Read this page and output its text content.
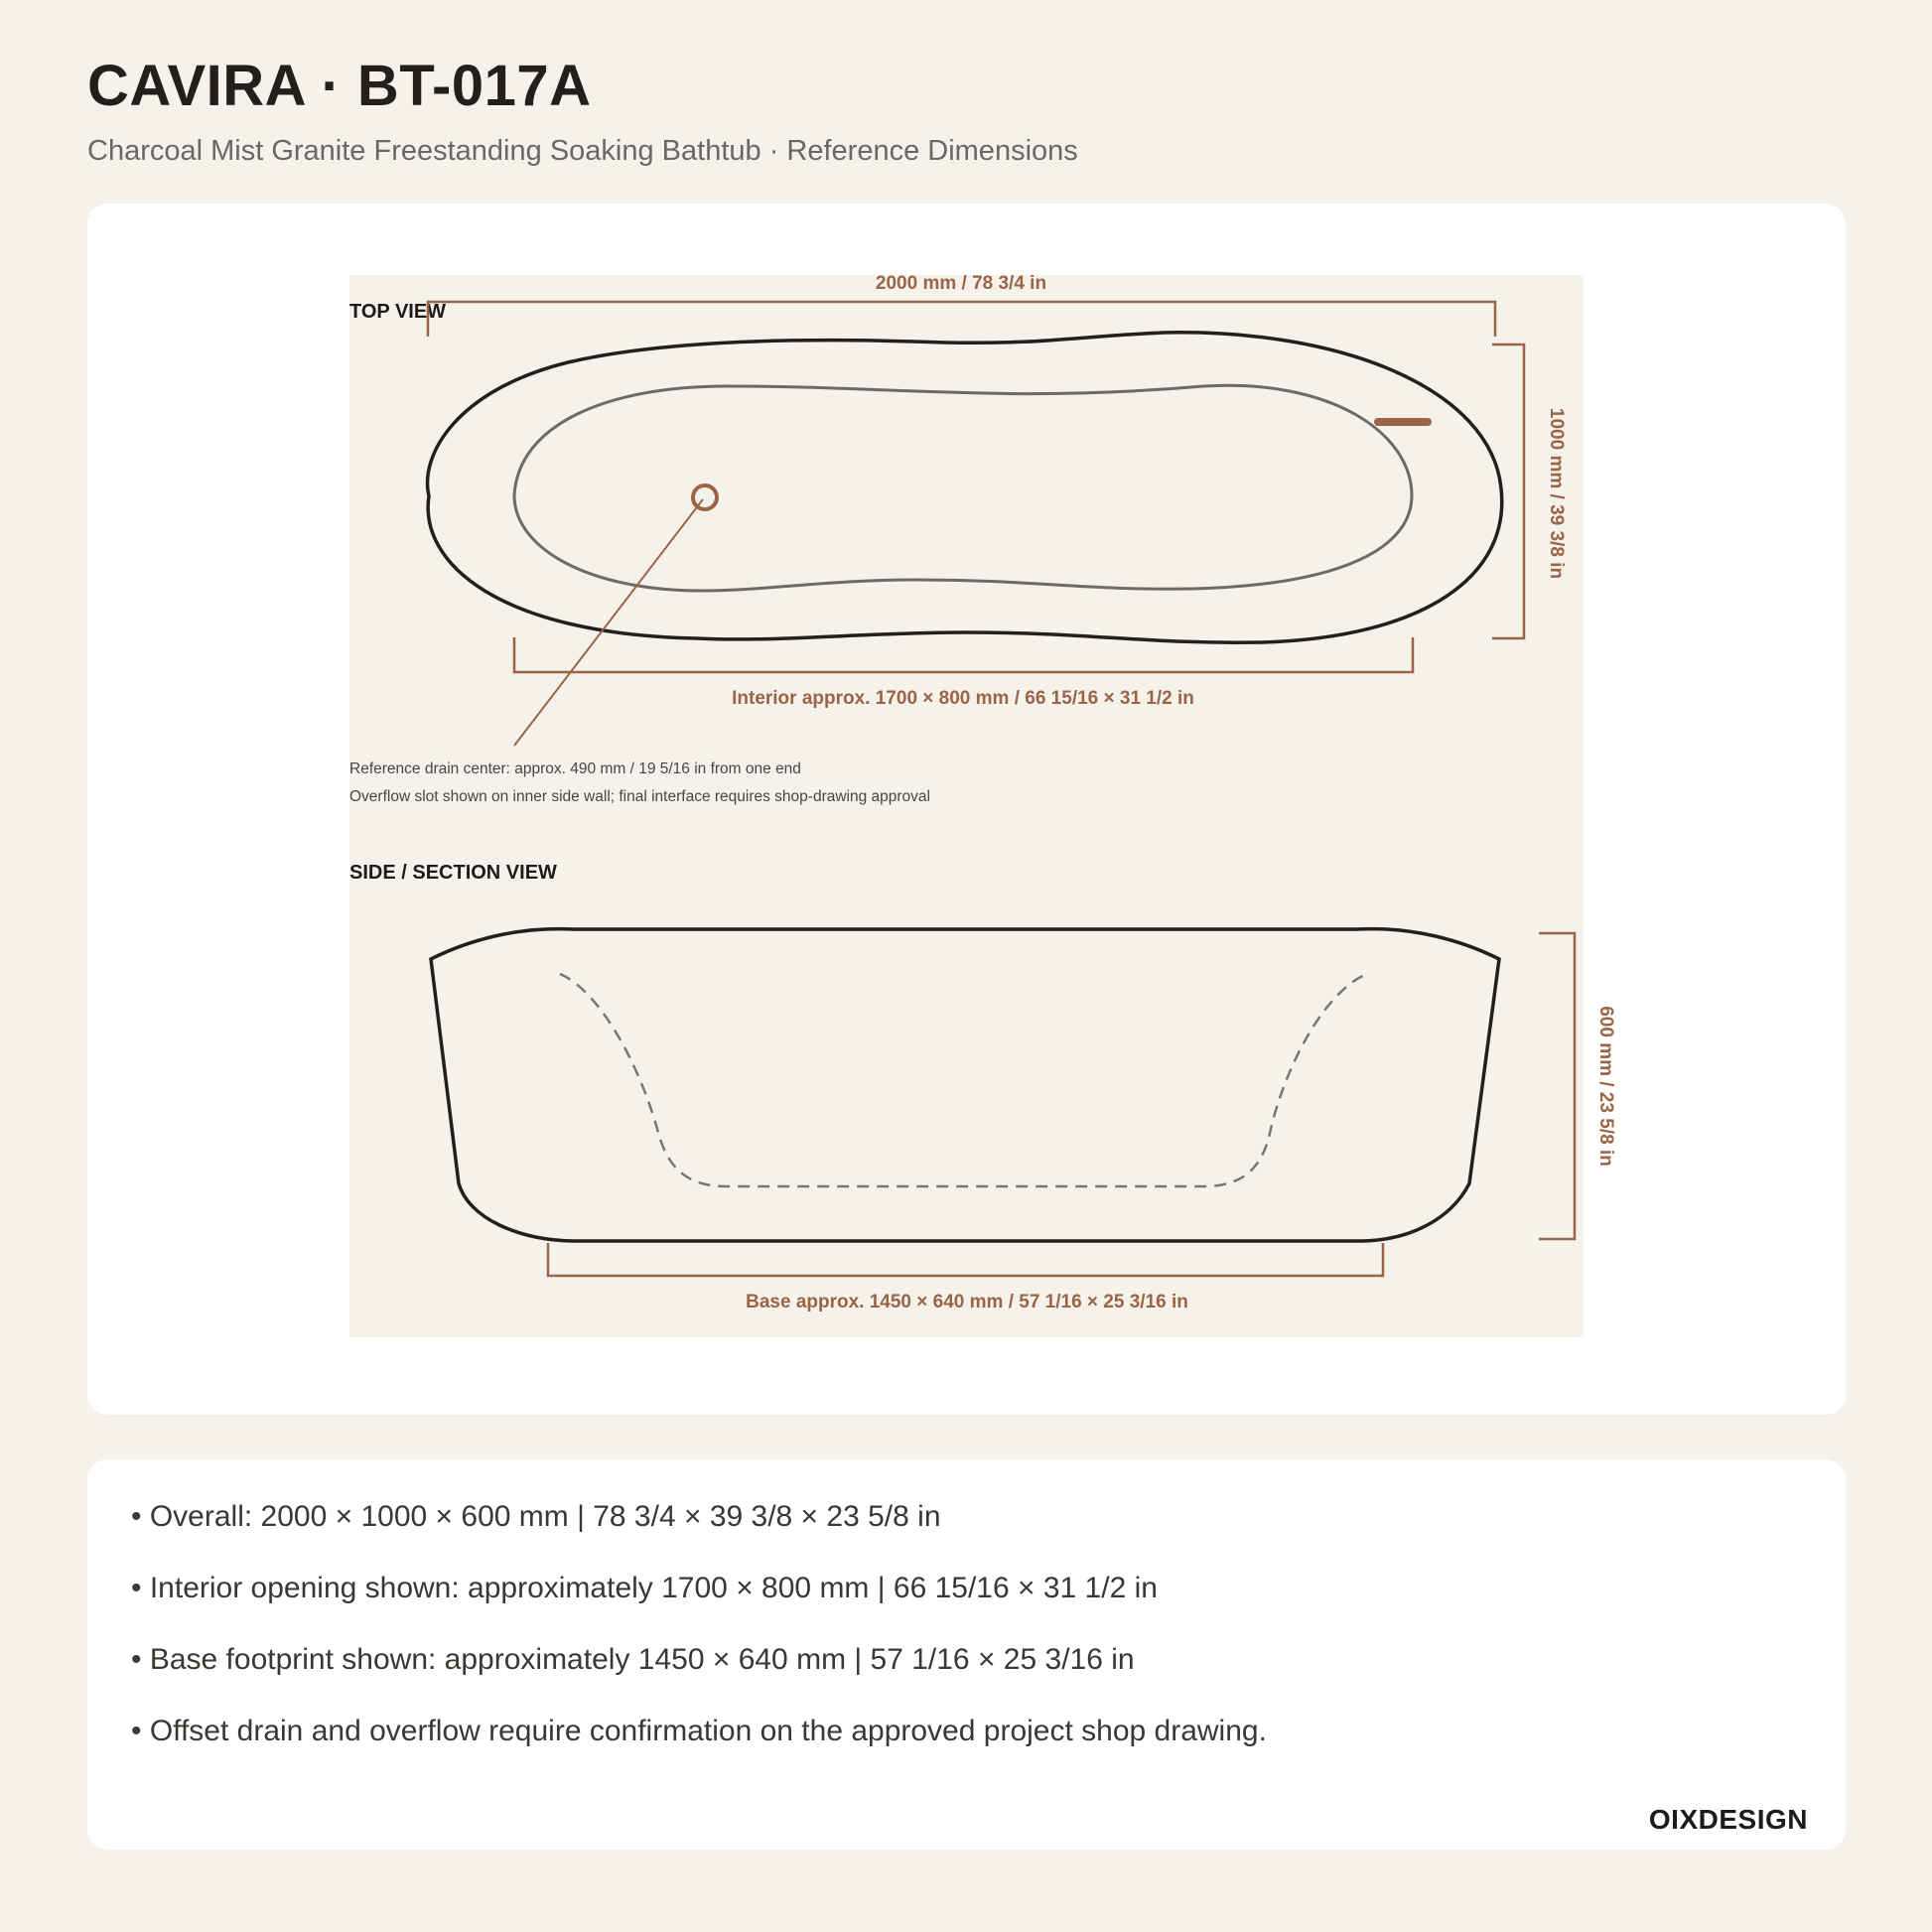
CAVIRA · BT-017A

Charcoal Mist Granite Freestanding Soaking Bathtub · Reference Dimensions

TOP VIEW
2000 mm / 78 3/4 in
1000 mm / 39 3/8 in
Interior approx. 1700 × 800 mm / 66 15/16 × 31 1/2 in
Reference drain center: approx. 490 mm / 19 5/16 in from one end
Overflow slot shown on inner side wall; final interface requires shop-drawing approval
SIDE / SECTION VIEW
600 mm / 23 5/8 in
Base approx. 1450 × 640 mm / 57 1/16 × 25 3/16 in
• Overall: 2000 × 1000 × 600 mm | 78 3/4 × 39 3/8 × 23 5/8 in
• Interior opening shown: approximately 1700 × 800 mm | 66 15/16 × 31 1/2 in
• Base footprint shown: approximately 1450 × 640 mm | 57 1/16 × 25 3/16 in
• Offset drain and overflow require confirmation on the approved project shop drawing.
OIXDESIGN
